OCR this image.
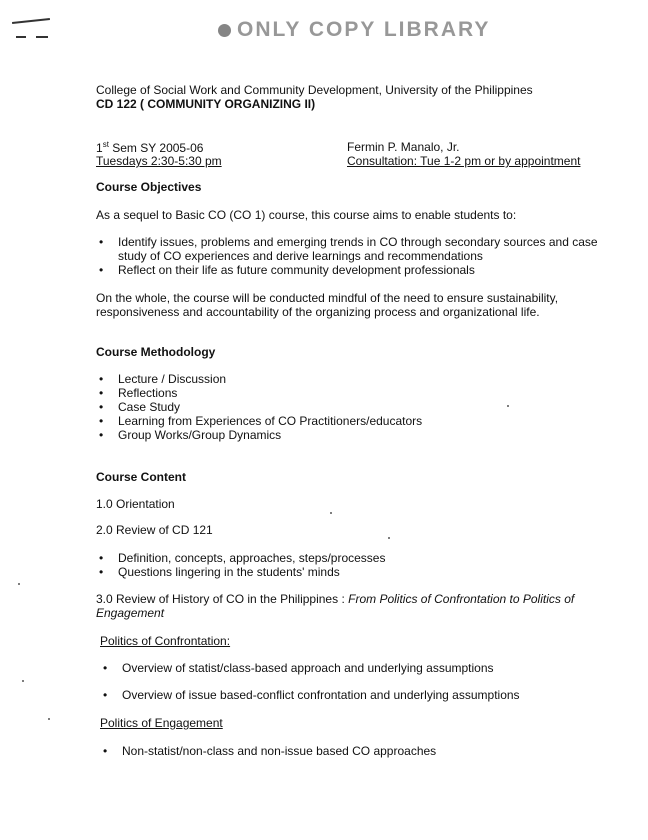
ONLY COPY LIBRARY
College of Social Work and Community Development, University of the Philippines
CD 122 ( COMMUNITY ORGANIZING II)
1st Sem SY 2005-06
Tuesdays 2:30-5:30 pm
Fermin P. Manalo, Jr.
Consultation: Tue 1-2 pm or by appointment
Course Objectives
As a sequel to Basic CO (CO 1) course, this course aims to enable students to:
• Identify issues, problems and emerging trends in CO through secondary sources and case study of CO experiences and derive learnings and recommendations
• Reflect on their life as future community development professionals
On the whole, the course will be conducted mindful of the need to ensure sustainability, responsiveness and accountability of the organizing process and organizational life.
Course Methodology
• Lecture / Discussion
• Reflections
• Case Study
• Learning from Experiences of CO Practitioners/educators
• Group Works/Group Dynamics
Course Content
1.0 Orientation
2.0 Review of CD 121
• Definition, concepts, approaches, steps/processes
• Questions lingering in the students' minds
3.0 Review of History of CO in the Philippines : From Politics of Confrontation to Politics of Engagement
Politics of Confrontation:
• Overview of statist/class-based approach and underlying assumptions
• Overview of issue based-conflict confrontation and underlying assumptions
Politics of Engagement
• Non-statist/non-class and non-issue based CO approaches
